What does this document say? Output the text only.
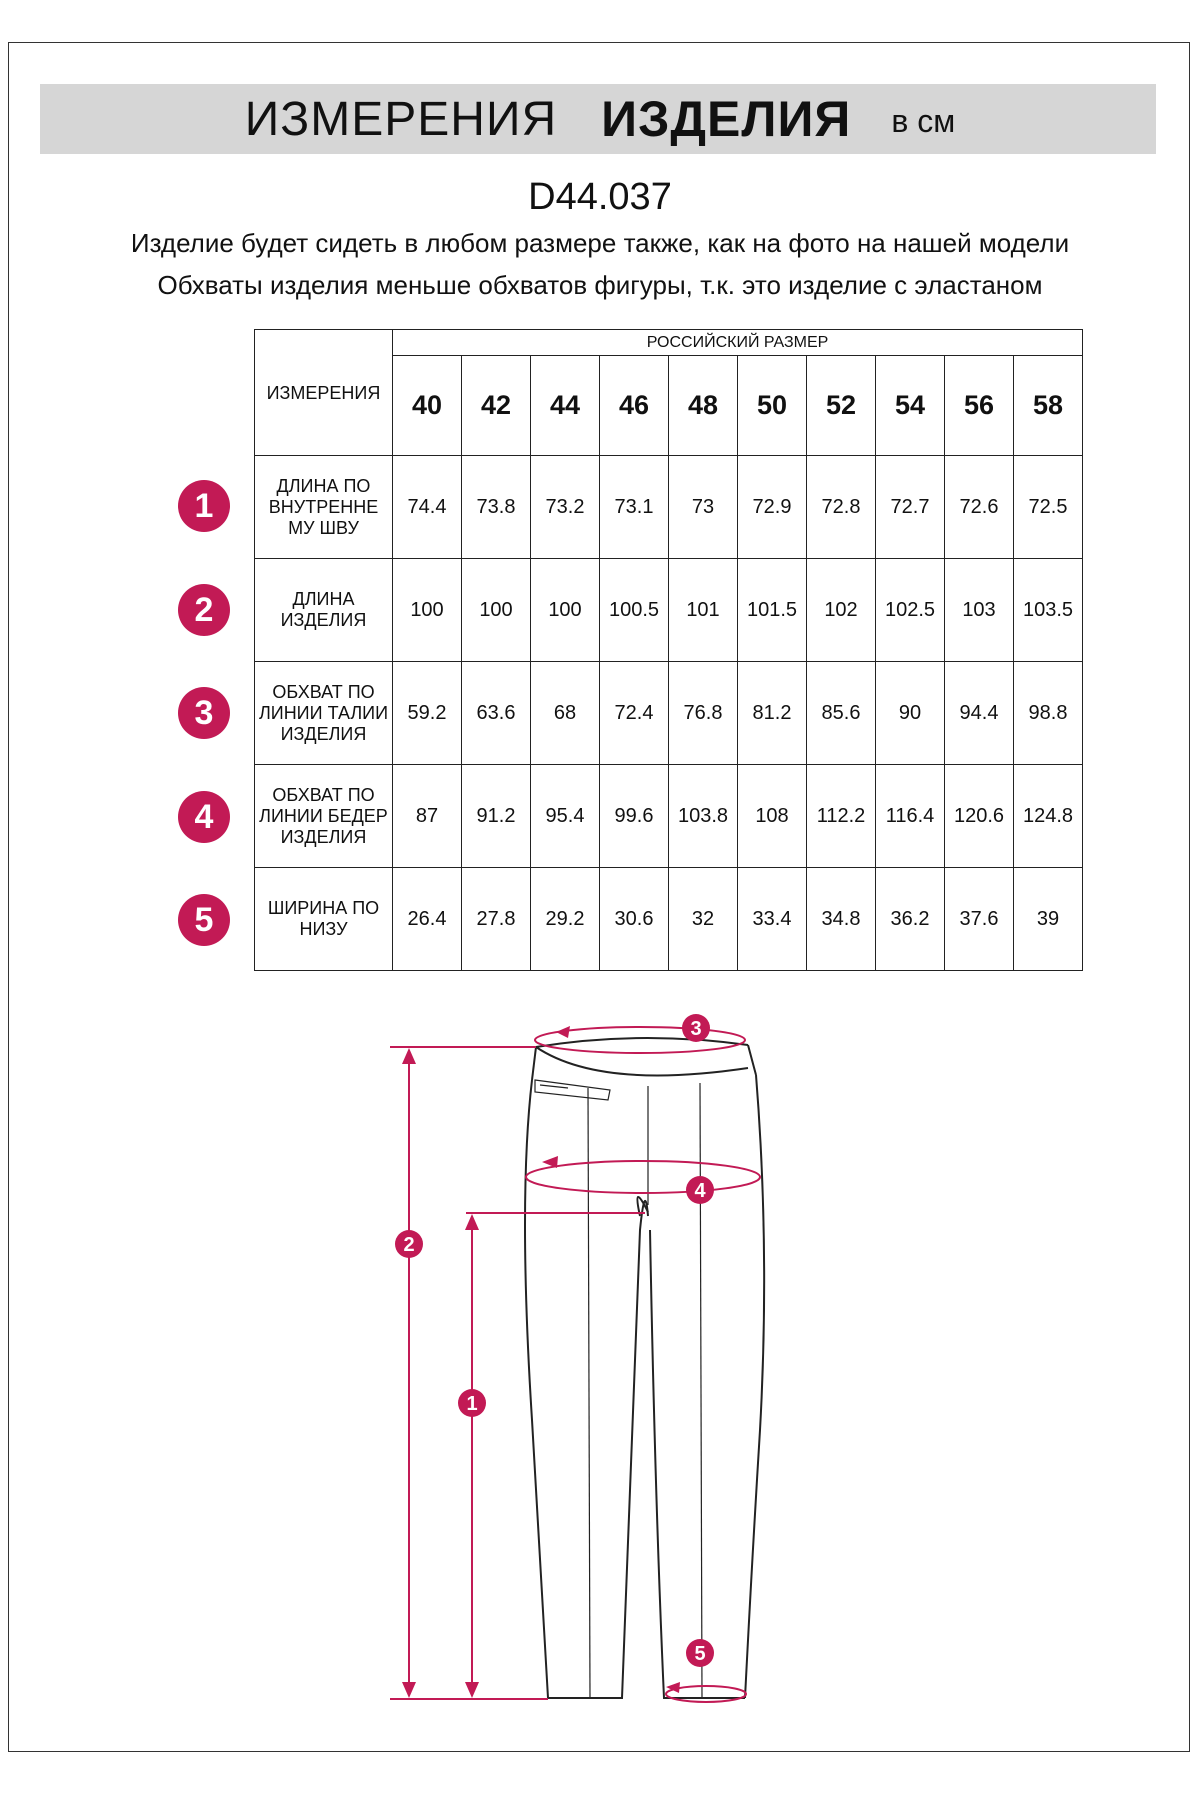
ИЗМЕРЕНИЯ ИЗДЕЛИЯ в см
D44.037
Изделие будет сидеть в любом размере также, как на фото на нашей модели
Обхваты изделия меньше обхватов фигуры, т.к. это изделие с эластаном
ИЗМЕРЕНИЯ	РОССИЙСКИЙ РАЗМЕР									
	40	42	44	46	48	50	52	54	56	58
ДЛИНА ПО ВНУТРЕННЕ МУ ШВУ	74.4	73.8	73.2	73.1	73	72.9	72.8	72.7	72.6	72.5
ДЛИНА ИЗДЕЛИЯ	100	100	100	100.5	101	101.5	102	102.5	103	103.5
ОБХВАТ ПО ЛИНИИ ТАЛИИ ИЗДЕЛИЯ	59.2	63.6	68	72.4	76.8	81.2	85.6	90	94.4	98.8
ОБХВАТ ПО ЛИНИИ БЕДЕР ИЗДЕЛИЯ	87	91.2	95.4	99.6	103.8	108	112.2	116.4	120.6	124.8
ШИРИНА ПО НИЗУ	26.4	27.8	29.2	30.6	32	33.4	34.8	36.2	37.6	39
1
2
3
4
5
3
4
2
1
5
